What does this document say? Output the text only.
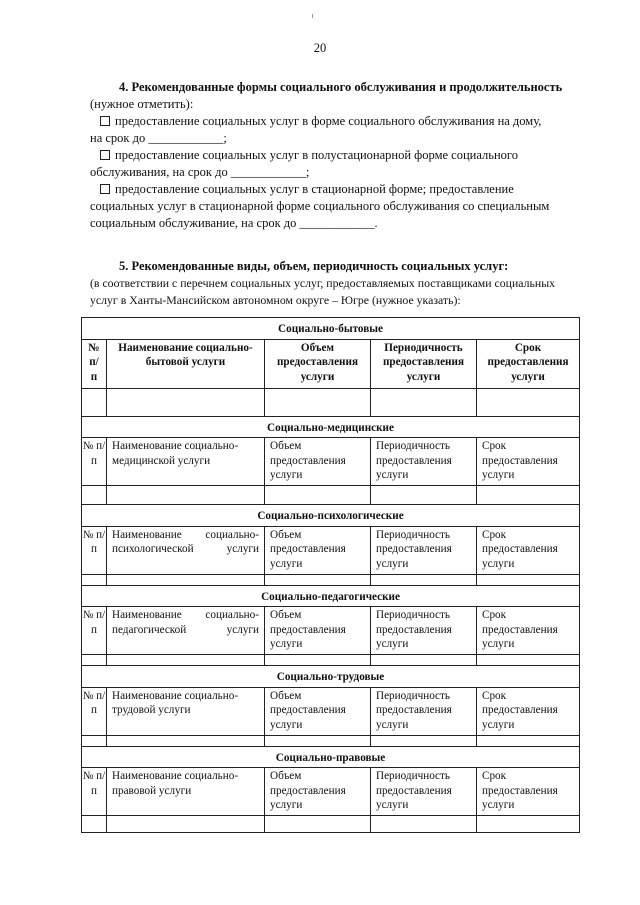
20

4. Рекомендованные формы социального обслуживания и продолжительность

(нужное отметить):

предоставление социальных услуг в форме социального обслуживания на дому,

на срок до ____________;

предоставление социальных услуг в полустационарной форме социального

обслуживания, на срок до ____________;

предоставление социальных услуг в стационарной форме; предоставление

социальных услуг в стационарной форме социального обслуживания со специальным

социальным обслуживание, на срок до ____________.

5. Рекомендованные виды, объем, периодичность социальных услуг:

(в соответствии с перечнем социальных услуг, предоставляемых поставщиками социальных

услуг в Ханты-Мансийском автономном округе – Югре (нужное указать):

Социально-бытовые				
№ п/п	Наименование социально-бытовой услуги	Объем предоставления услуги	Периодичность предоставления услуги	Срок предоставления услуги

Социально-медицинские				
№ п/п	Наименование социально-медицинской услуги	Объем предоставления услуги	Периодичность предоставления услуги	Срок предоставления услуги

Социально-психологические				
№ п/п	Наименование социально-психологической услуги	Объем предоставления услуги	Периодичность предоставления услуги	Срок предоставления услуги

Социально-педагогические				
№ п/п	Наименование социально-педагогической услуги	Объем предоставления услуги	Периодичность предоставления услуги	Срок предоставления услуги

Социально-трудовые				
№ п/п	Наименование социально-трудовой услуги	Объем предоставления услуги	Периодичность предоставления услуги	Срок предоставления услуги

Социально-правовые				
№ п/п	Наименование социально-правовой услуги	Объем предоставления услуги	Периодичность предоставления услуги	Срок предоставления услуги
